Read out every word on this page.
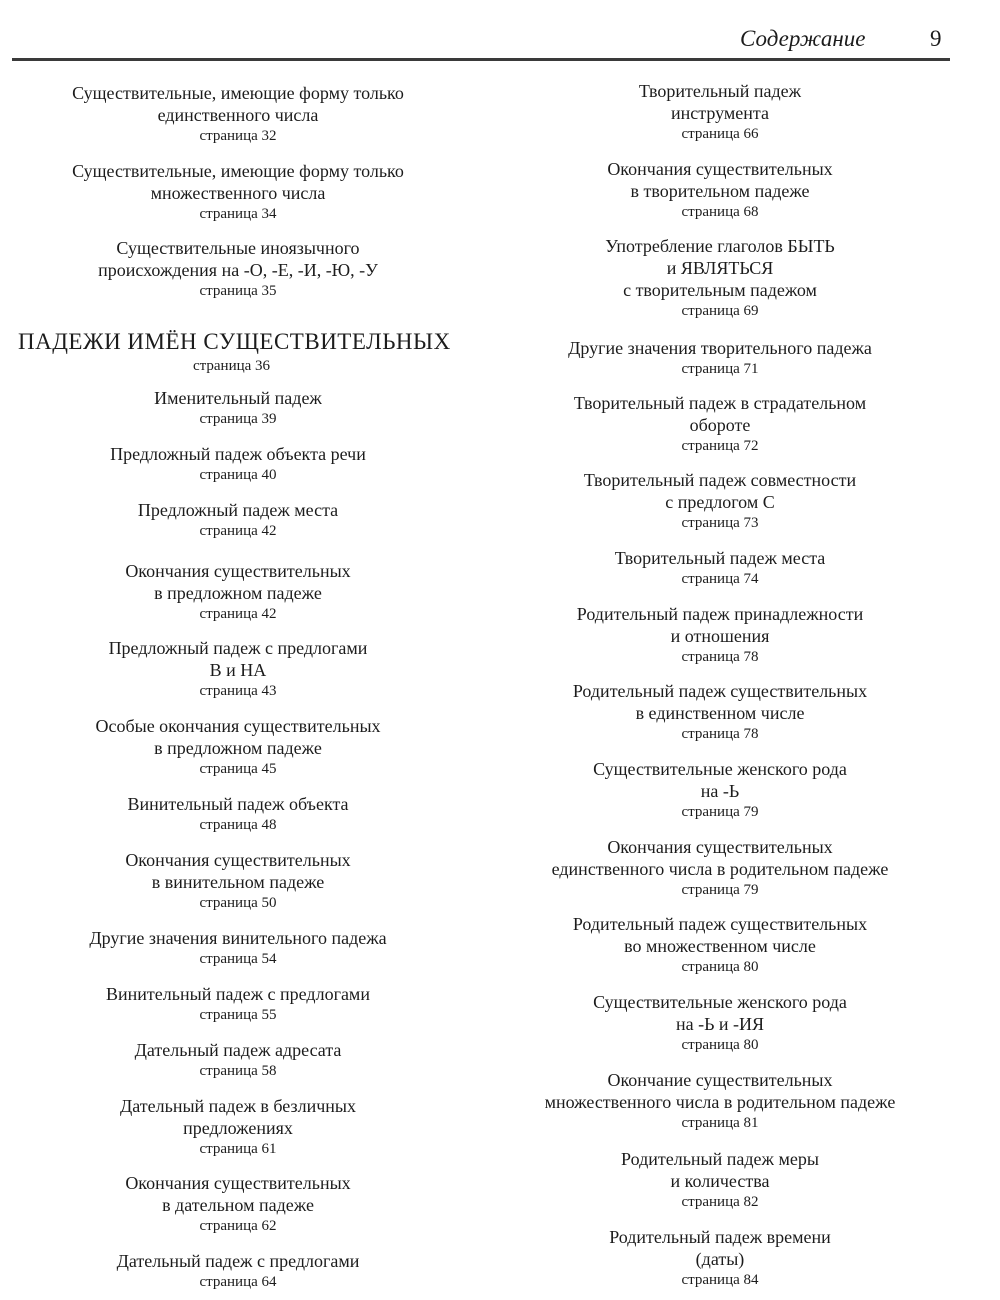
Содержание	9
Существительные, имеющие форму только
единственного числа
страница 32
Существительные, имеющие форму только
множественного числа
страница 34
Существительные иноязычного
происхождения на -О, -Е, -И, -Ю, -У
страница 35
ПАДЕЖИ ИМЁН СУЩЕСТВИТЕЛЬНЫХ
страница 36
Именительный падеж
страница 39
Предложный падеж объекта речи
страница 40
Предложный падеж места
страница 42
Окончания существительных
в предложном падеже
страница 42
Предложный падеж с предлогами
В и НА
страница 43
Особые окончания существительных
в предложном падеже
страница 45
Винительный падеж объекта
страница 48
Окончания существительных
в винительном падеже
страница 50
Другие значения винительного падежа
страница 54
Винительный падеж с предлогами
страница 55
Дательный падеж адресата
страница 58
Дательный падеж в безличных
предложениях
страница 61
Окончания существительных
в дательном падеже
страница 62
Дательный падеж с предлогами
страница 64
Творительный падеж
инструмента
страница 66
Окончания существительных
в творительном падеже
страница 68
Употребление глаголов БЫТЬ
и ЯВЛЯТЬСЯ
с творительным падежом
страница 69
Другие значения творительного падежа
страница 71
Творительный падеж в страдательном
обороте
страница 72
Творительный падеж совместности
с предлогом С
страница 73
Творительный падеж места
страница 74
Родительный падеж принадлежности
и отношения
страница 78
Родительный падеж существительных
в единственном числе
страница 78
Существительные женского рода
на -Ь
страница 79
Окончания существительных
единственного числа в родительном падеже
страница 79
Родительный падеж существительных
во множественном числе
страница 80
Существительные женского рода
на -Ь и -ИЯ
страница 80
Окончание существительных
множественного числа в родительном падеже
страница 81
Родительный падеж меры
и количества
страница 82
Родительный падеж времени
(даты)
страница 84
